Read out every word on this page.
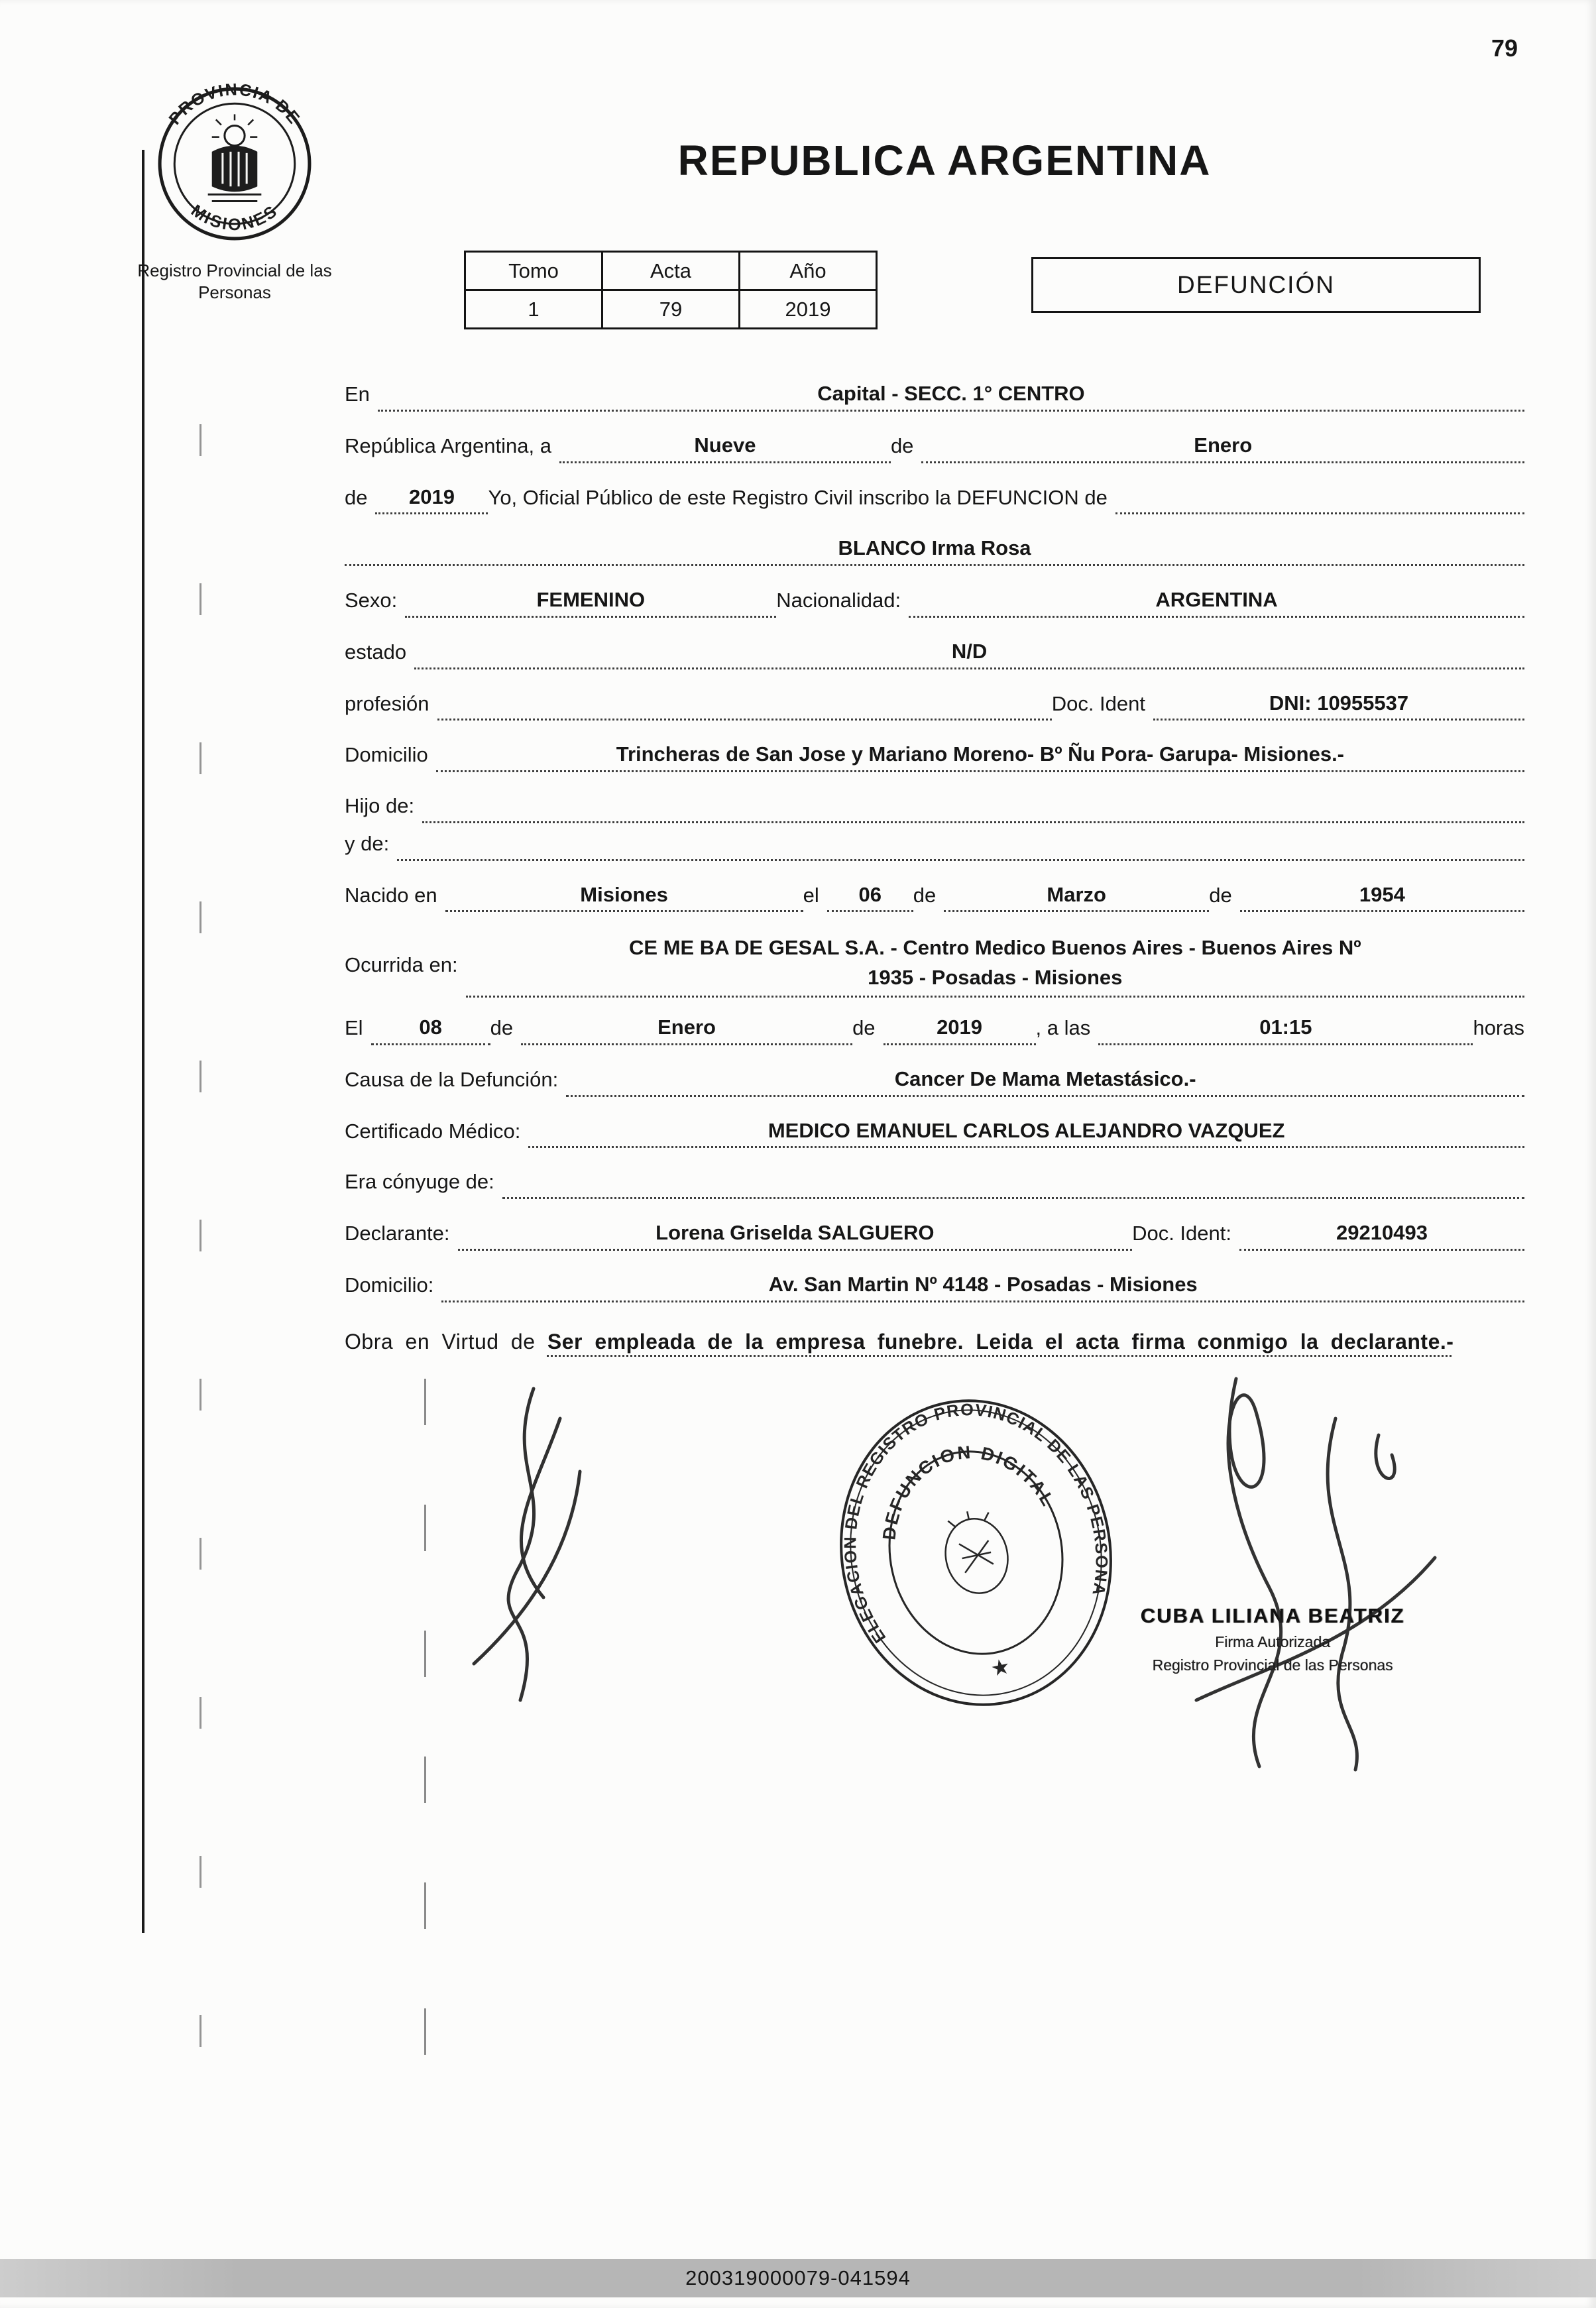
79
PROVINCIA DE
MISIONES
Registro Provincial de las Personas
REPUBLICA ARGENTINA
Tomo	Acta	Año
1	79	2019
DEFUNCIÓN
En	Capital - SECC. 1° CENTRO
República Argentina, a	Nueve	de	Enero
de	2019	Yo, Oficial Público de este Registro Civil inscribo la DEFUNCION de
BLANCO Irma Rosa
Sexo:	FEMENINO	Nacionalidad:	ARGENTINA
estado	N/D
profesión	Doc. Ident	DNI: 10955537
Domicilio	Trincheras de San Jose y Mariano Moreno- Bº Ñu Pora- Garupa- Misiones.-
Hijo de:
y de:
Nacido en	Misiones	el	06	de	Marzo	de	1954
Ocurrida en:
CE ME BA DE GESAL S.A. - Centro Medico Buenos Aires - Buenos Aires Nº
1935 - Posadas - Misiones
El	08	de	Enero	de	2019	, a las	01:15	horas
Causa de la Defunción:	Cancer De Mama Metastásico.-
Certificado Médico:	MEDICO EMANUEL CARLOS ALEJANDRO VAZQUEZ
Era cónyuge de:
Declarante:	Lorena Griselda SALGUERO	Doc. Ident:	29210493
Domicilio:	Av. San Martin Nº 4148 - Posadas - Misiones

Obra en Virtud de Ser empleada de la empresa funebre. Leida el acta firma conmigo la declarante.-

DELEGACION DEL REGISTRO PROVINCIAL DE LAS PERSONAS
DEFUNCION DIGITAL
★
CUBA LILIANA BEATRIZ
Firma Autorizada
Registro Provincial de las Personas
200319000079-041594
